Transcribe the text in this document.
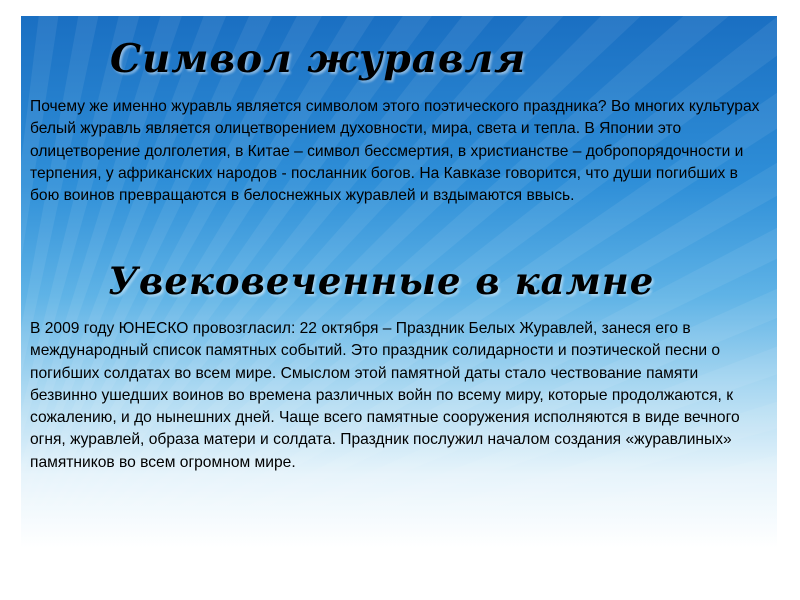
Символ журавля

Почему же именно журавль является символом этого поэтического праздника? Во многих культурах белый журавль является олицетворением духовности, мира, света и тепла. В Японии это олицетворение долголетия, в Китае – символ бессмертия, в христианстве – добропорядочности и терпения, у африканских народов - посланник богов. На Кавказе говорится, что души погибших в бою воинов превращаются в белоснежных журавлей и вздымаются ввысь.

Увековеченные в камне

В 2009 году ЮНЕСКО провозгласил: 22 октября – Праздник Белых Журавлей, занеся его в международный список памятных событий. Это праздник солидарности и поэтической песни о погибших солдатах во всем мире. Смыслом этой памятной даты стало чествование памяти безвинно ушедших воинов во времена различных войн по всему миру, которые продолжаются, к сожалению, и до нынешних дней. Чаще всего памятные сооружения исполняются в виде вечного огня, журавлей, образа матери и солдата. Праздник послужил началом создания «журавлиных» памятников во всем огромном мире.
